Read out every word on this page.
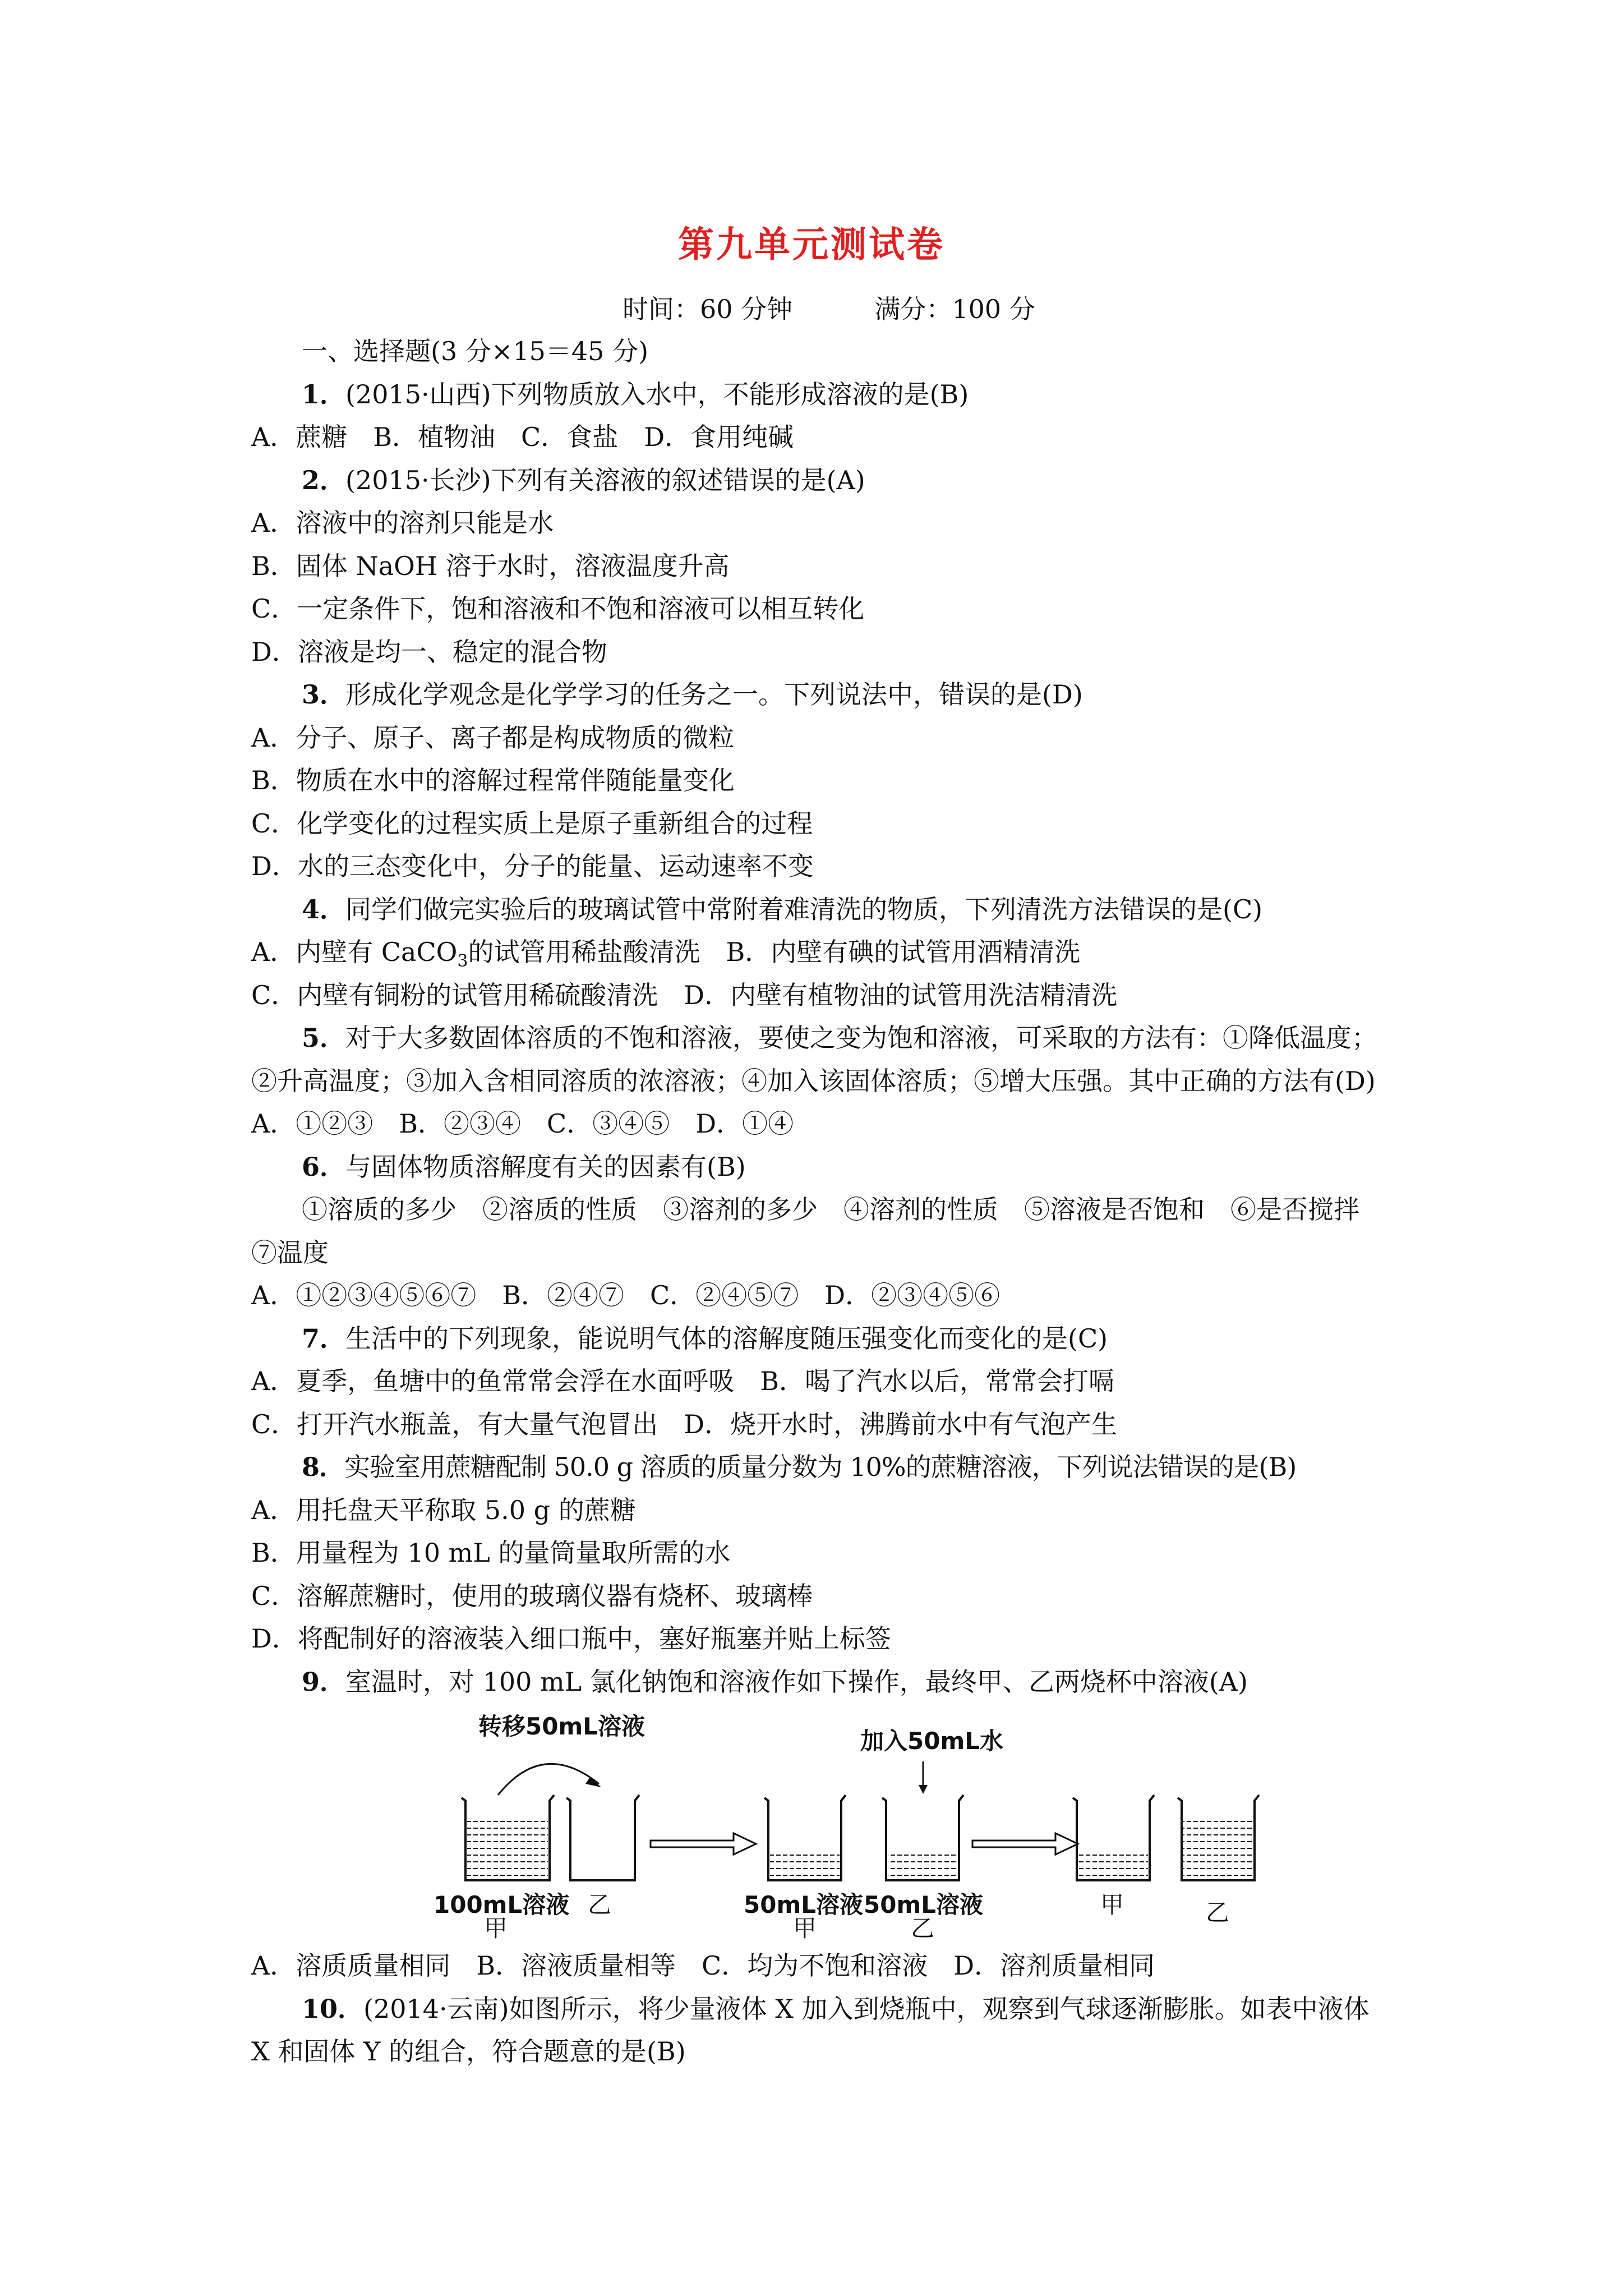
第九单元测试卷
时间：60 分钟	满分：100 分
一、选择题(3 分×15＝45 分)
1．(2015·山西)下列物质放入水中，不能形成溶液的是(B)
A．蔗糖　B．植物油　C．食盐　D．食用纯碱
2．(2015·长沙)下列有关溶液的叙述错误的是(A)
A．溶液中的溶剂只能是水
B．固体 NaOH 溶于水时，溶液温度升高
C．一定条件下，饱和溶液和不饱和溶液可以相互转化
D．溶液是均一、稳定的混合物
3．形成化学观念是化学学习的任务之一。下列说法中，错误的是(D)
A．分子、原子、离子都是构成物质的微粒
B．物质在水中的溶解过程常伴随能量变化
C．化学变化的过程实质上是原子重新组合的过程
D．水的三态变化中，分子的能量、运动速率不变
4．同学们做完实验后的玻璃试管中常附着难清洗的物质，下列清洗方法错误的是(C)
A．内壁有 CaCO$_3$的试管用稀盐酸清洗　B．内壁有碘的试管用酒精清洗
C．内壁有铜粉的试管用稀硫酸清洗　D．内壁有植物油的试管用洗洁精清洗
5．对于大多数固体溶质的不饱和溶液，要使之变为饱和溶液，可采取的方法有：①降低温度；②升高温度；③加入含相同溶质的浓溶液；④加入该固体溶质；⑤增大压强。其中正确的方法有(D)
A．①②③　B．②③④　C．③④⑤　D．①④
6．与固体物质溶解度有关的因素有(B)
①溶质的多少　②溶质的性质　③溶剂的多少　④溶剂的性质　⑤溶液是否饱和　⑥是否搅拌　⑦温度
A．①②③④⑤⑥⑦　B．②④⑦　C．②④⑤⑦　D．②③④⑤⑥
7．生活中的下列现象，能说明气体的溶解度随压强变化而变化的是(C)
A．夏季，鱼塘中的鱼常常会浮在水面呼吸　B．喝了汽水以后，常常会打嗝
C．打开汽水瓶盖，有大量气泡冒出　D．烧开水时，沸腾前水中有气泡产生
8．实验室用蔗糖配制 50.0 g 溶质的质量分数为 10%的蔗糖溶液，下列说法错误的是(B)
A．用托盘天平称取 5.0 g 的蔗糖
B．用量程为 10 mL 的量筒量取所需的水
C．溶解蔗糖时，使用的玻璃仪器有烧杯、玻璃棒
D．将配制好的溶液装入细口瓶中，塞好瓶塞并贴上标签
9．室温时，对 100 mL 氯化钠饱和溶液作如下操作，最终甲、乙两烧杯中溶液(A)
转移50mL溶液
加入50mL水
100mL溶液 乙
甲
50mL溶液 50mL溶液
甲	乙
甲	乙
A．溶质质量相同　B．溶液质量相等　C．均为不饱和溶液　D．溶剂质量相同
10．(2014·云南)如图所示，将少量液体 X 加入到烧瓶中，观察到气球逐渐膨胀。如表中液体 X 和固体 Y 的组合，符合题意的是(B)
